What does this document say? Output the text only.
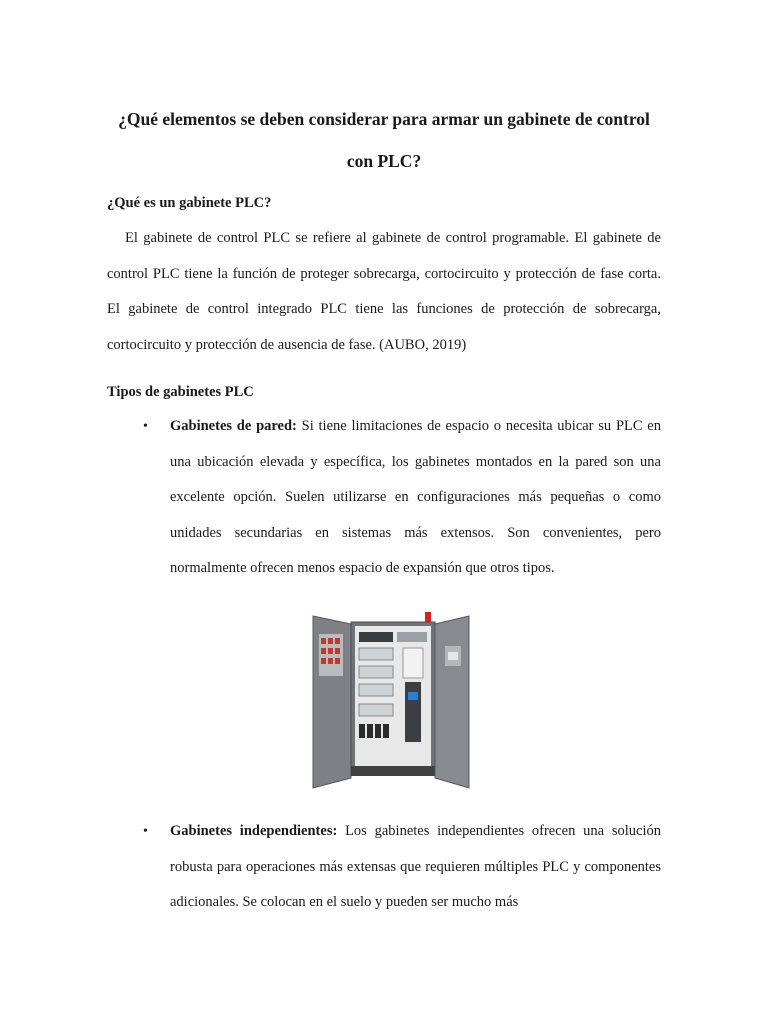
¿Qué elementos se deben considerar para armar un gabinete de control con PLC?
¿Qué es un gabinete PLC?

El gabinete de control PLC se refiere al gabinete de control programable. El gabinete de control PLC tiene la función de proteger sobrecarga, cortocircuito y protección de fase corta. El gabinete de control integrado PLC tiene las funciones de protección de sobrecarga, cortocircuito y protección de ausencia de fase. (AUBO, 2019)

Tipos de gabinetes PLC
• Gabinetes de pared: Si tiene limitaciones de espacio o necesita ubicar su PLC en una ubicación elevada y específica, los gabinetes montados en la pared son una excelente opción. Suelen utilizarse en configuraciones más pequeñas o como unidades secundarias en sistemas más extensos. Son convenientes, pero normalmente ofrecen menos espacio de expansión que otros tipos.
• Gabinetes independientes: Los gabinetes independientes ofrecen una solución robusta para operaciones más extensas que requieren múltiples PLC y componentes adicionales. Se colocan en el suelo y pueden ser mucho más
